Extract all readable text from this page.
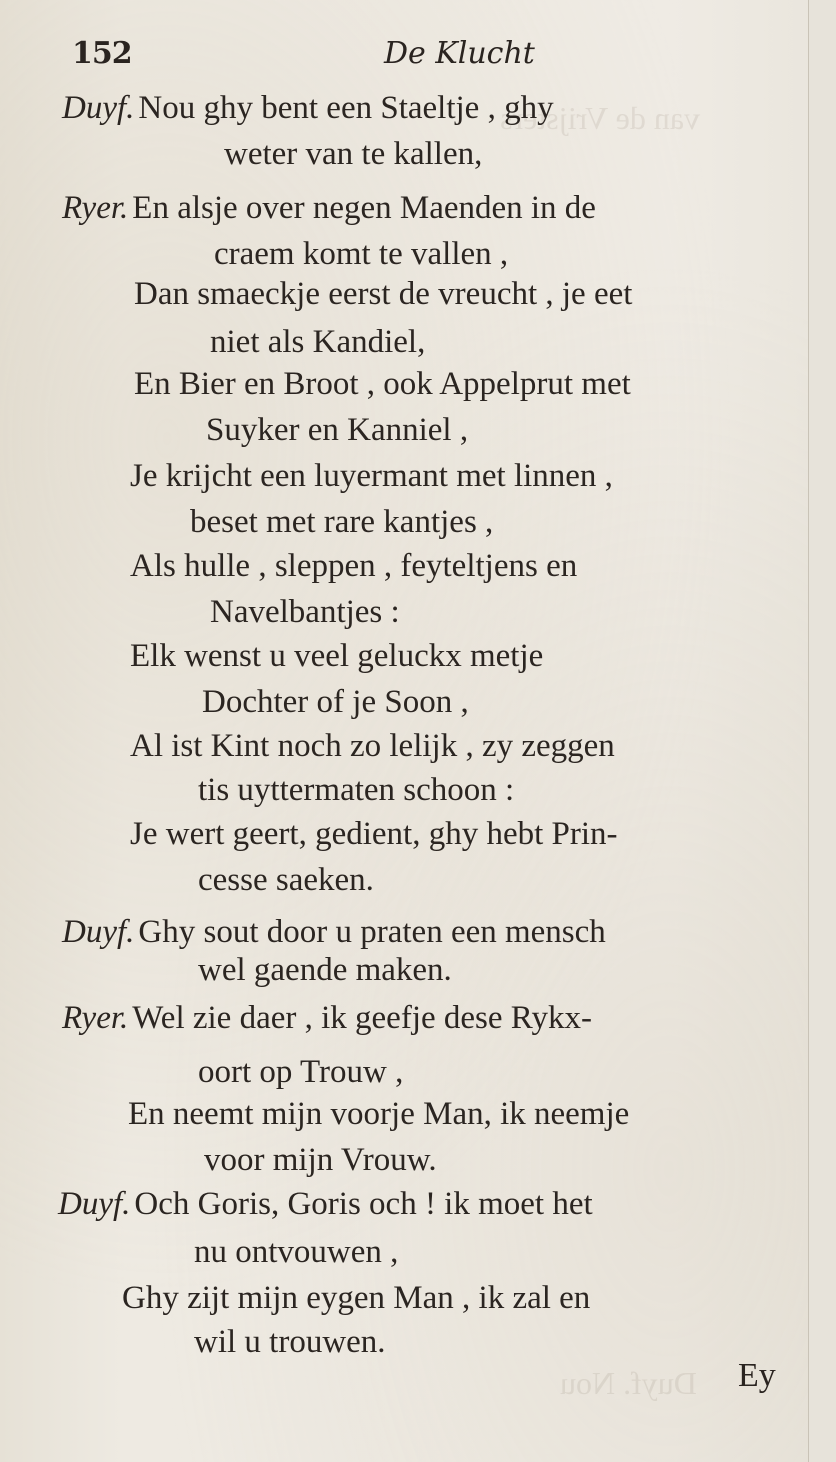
van de Vrijsters
Duyf. Nou
152	De Klucht
Duyf. Nou ghy bent een Staeltje , ghy
weter van te kallen,
Ryer. En alsje over negen Maenden in de
craem komt te vallen ,
Dan smaeckje eerst de vreucht , je eet
niet als Kandiel,
En Bier en Broot , ook Appelprut met
Suyker en Kanniel ,
Je krijcht een luyermant met linnen ,
beset met rare kantjes ,
Als hulle , sleppen , feyteltjens en
Navelbantjes :
Elk wenst u veel geluckx metje
Dochter of je Soon ,
Al ist Kint noch zo lelijk , zy zeggen
tis uyttermaten schoon :
Je wert geert, gedient, ghy hebt Prin-
cesse saeken.
Duyf. Ghy sout door u praten een mensch
wel gaende maken.
Ryer. Wel zie daer , ik geefje dese Rykx-
oort op Trouw ,
En neemt mijn voorje Man, ik neemje
voor mijn Vrouw.
Duyf. Och Goris, Goris och ! ik moet het
nu ontvouwen ,
Ghy zijt mijn eygen Man , ik zal en
wil u trouwen.
Ey
